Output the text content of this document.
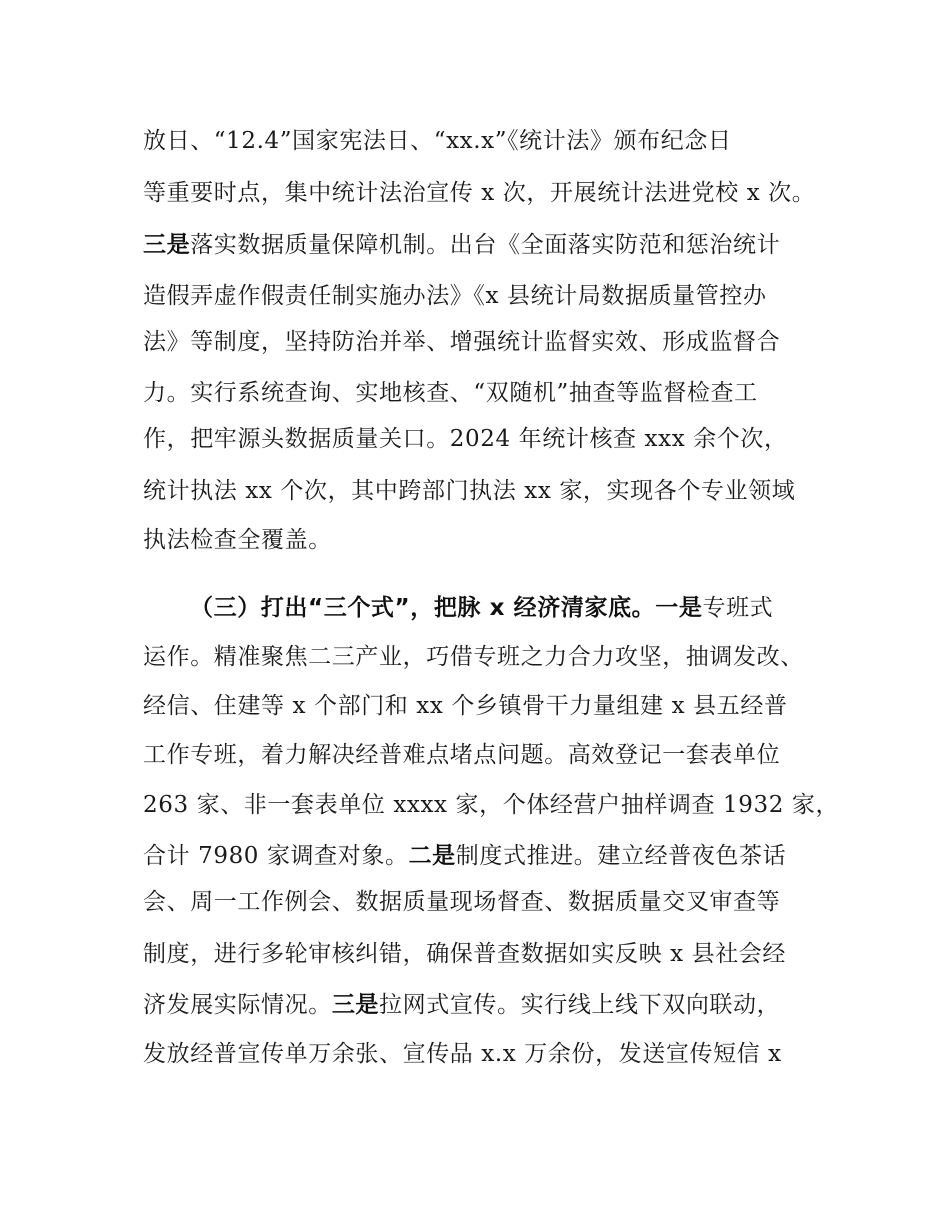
放日、“12.4”国家宪法日、“xx.x”《统计法》颁布纪念日
等重要时点，集中统计法治宣传 x 次，开展统计法进党校 x 次。
三是落实数据质量保障机制。出台《全面落实防范和惩治统计
造假弄虚作假责任制实施办法》《x 县统计局数据质量管控办
法》等制度，坚持防治并举、增强统计监督实效、形成监督合
力。实行系统查询、实地核查、“双随机”抽查等监督检查工
作，把牢源头数据质量关口。2024 年统计核查 xxx 余个次，
统计执法 xx 个次，其中跨部门执法 xx 家，实现各个专业领域
执法检查全覆盖。
（三）打出“三个式”，把脉 x 经济清家底。一是专班式
运作。精准聚焦二三产业，巧借专班之力合力攻坚，抽调发改、
经信、住建等 x 个部门和 xx 个乡镇骨干力量组建 x 县五经普
工作专班，着力解决经普难点堵点问题。高效登记一套表单位
263 家、非一套表单位 xxxx 家，个体经营户抽样调查 1932 家，
合计 7980 家调查对象。二是制度式推进。建立经普夜色茶话
会、周一工作例会、数据质量现场督查、数据质量交叉审查等
制度，进行多轮审核纠错，确保普查数据如实反映 x 县社会经
济发展实际情况。三是拉网式宣传。实行线上线下双向联动，
发放经普宣传单万余张、宣传品 x.x 万余份，发送宣传短信 x
